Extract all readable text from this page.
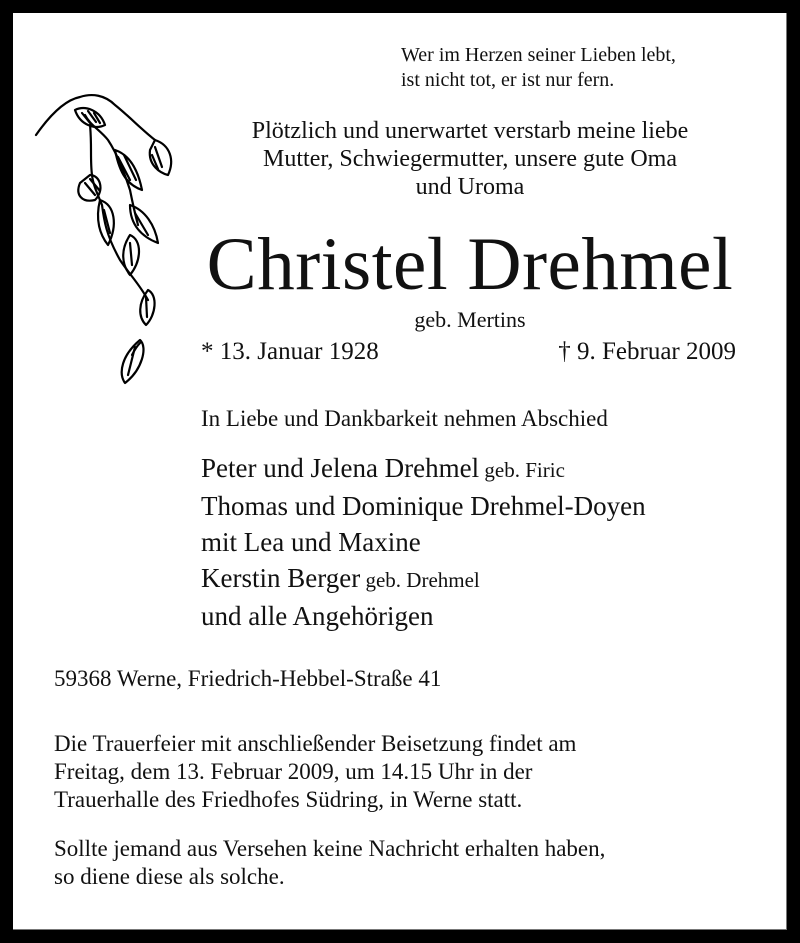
Wer im Herzen seiner Lieben lebt,
ist nicht tot, er ist nur fern.
Plötzlich und unerwartet verstarb meine liebe
Mutter, Schwiegermutter, unsere gute Oma
und Uroma
Christel Drehmel
geb. Mertins
* 13. Januar 1928	† 9. Februar 2009
In Liebe und Dankbarkeit nehmen Abschied
Peter und Jelena Drehmel geb. Firic
Thomas und Dominique Drehmel-Doyen
mit Lea und Maxine
Kerstin Berger geb. Drehmel
und alle Angehörigen
59368 Werne, Friedrich-Hebbel-Straße 41
Die Trauerfeier mit anschließender Beisetzung findet am
Freitag, dem 13. Februar 2009, um 14.15 Uhr in der
Trauerhalle des Friedhofes Südring, in Werne statt.
Sollte jemand aus Versehen keine Nachricht erhalten haben,
so diene diese als solche.
